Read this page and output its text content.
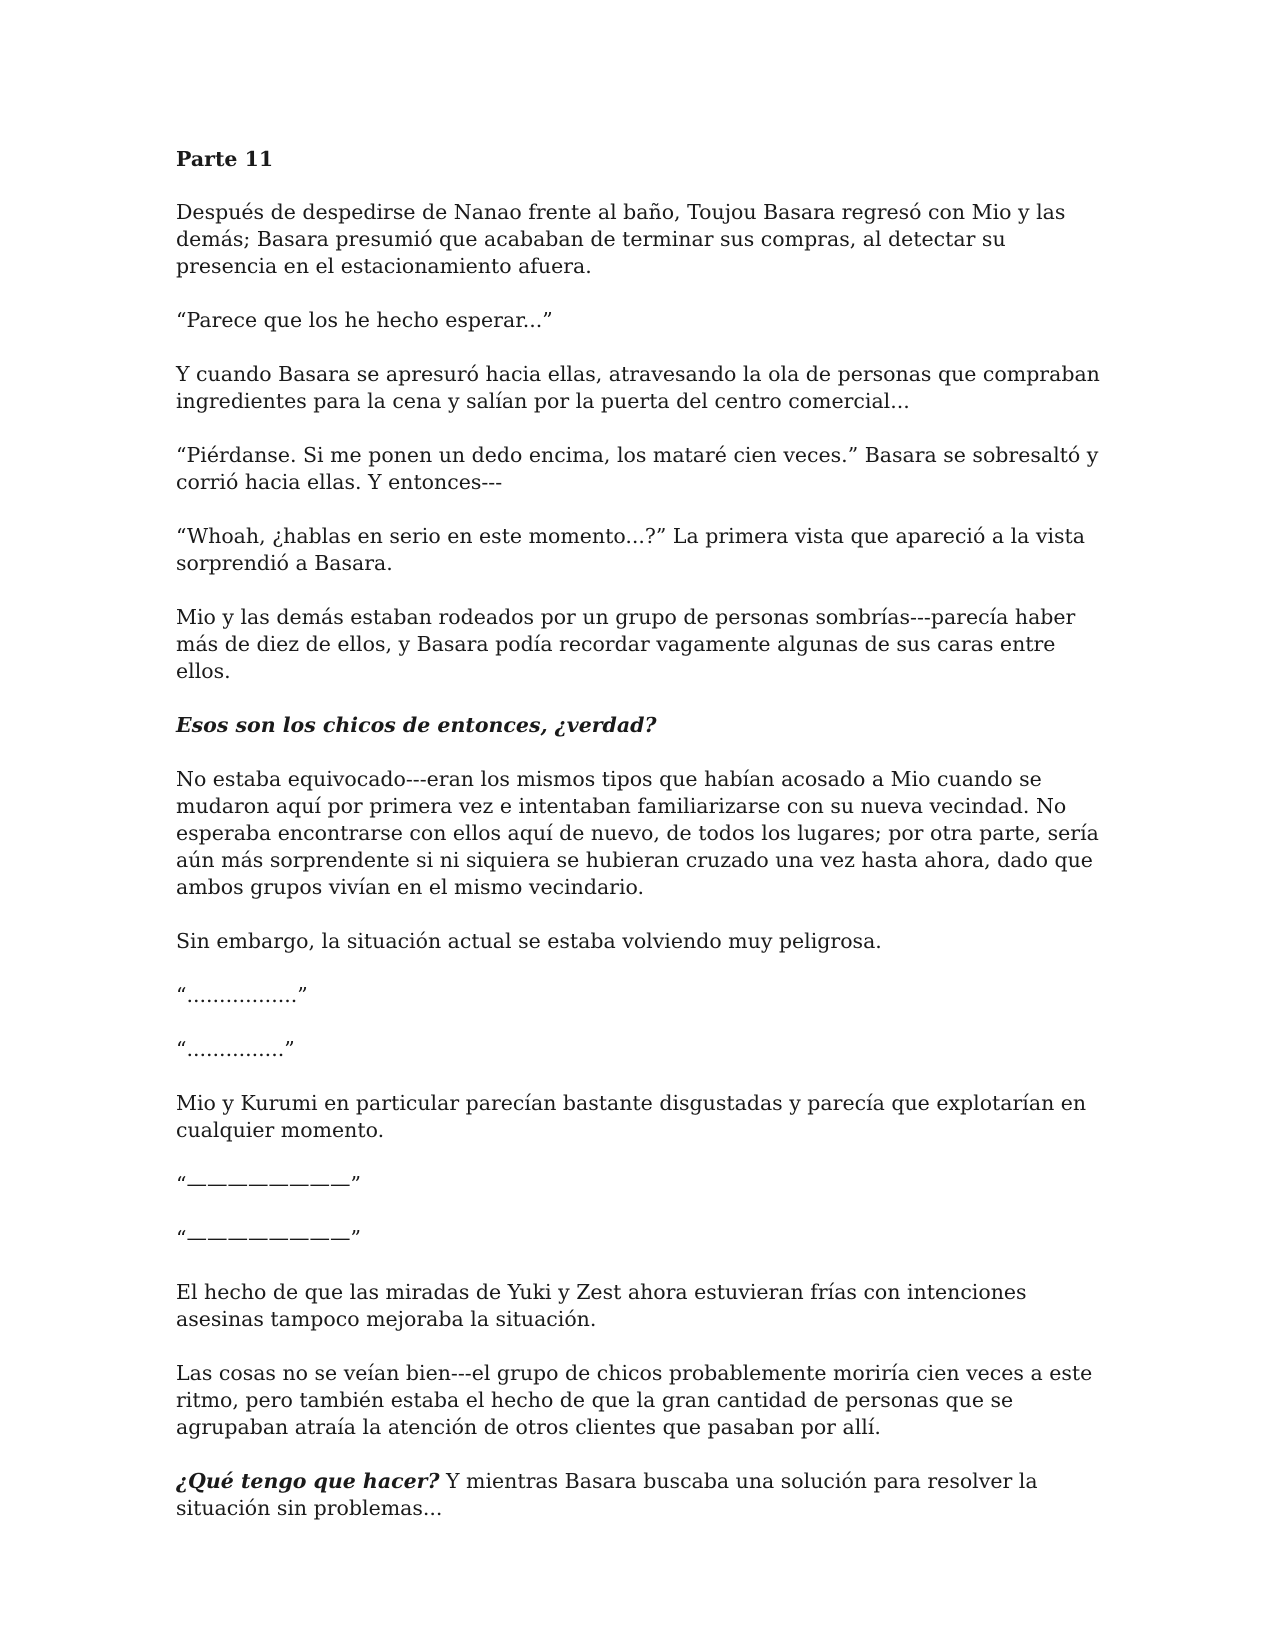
Parte 11

Después de despedirse de Nanao frente al baño, Toujou Basara regresó con Mio y las demás; Basara presumió que acababan de terminar sus compras, al detectar su presencia en el estacionamiento afuera.

“Parece que los he hecho esperar...”

Y cuando Basara se apresuró hacia ellas, atravesando la ola de personas que compraban ingredientes para la cena y salían por la puerta del centro comercial...

“Piérdanse. Si me ponen un dedo encima, los mataré cien veces.” Basara se sobresaltó y corrió hacia ellas. Y entonces---

“Whoah, ¿hablas en serio en este momento...?” La primera vista que apareció a la vista sorprendió a Basara.

Mio y las demás estaban rodeados por un grupo de personas sombrías---parecía haber más de diez de ellos, y Basara podía recordar vagamente algunas de sus caras entre ellos.

Esos son los chicos de entonces, ¿verdad?

No estaba equivocado---eran los mismos tipos que habían acosado a Mio cuando se mudaron aquí por primera vez e intentaban familiarizarse con su nueva vecindad. No esperaba encontrarse con ellos aquí de nuevo, de todos los lugares; por otra parte, sería aún más sorprendente si ni siquiera se hubieran cruzado una vez hasta ahora, dado que ambos grupos vivían en el mismo vecindario.

Sin embargo, la situación actual se estaba volviendo muy peligrosa.

“.................”

“...............”

Mio y Kurumi en particular parecían bastante disgustadas y parecía que explotarían en cualquier momento.

“————————”

“————————”

El hecho de que las miradas de Yuki y Zest ahora estuvieran frías con intenciones asesinas tampoco mejoraba la situación.

Las cosas no se veían bien---el grupo de chicos probablemente moriría cien veces a este ritmo, pero también estaba el hecho de que la gran cantidad de personas que se agrupaban atraía la atención de otros clientes que pasaban por allí.

¿Qué tengo que hacer? Y mientras Basara buscaba una solución para resolver la situación sin problemas...
